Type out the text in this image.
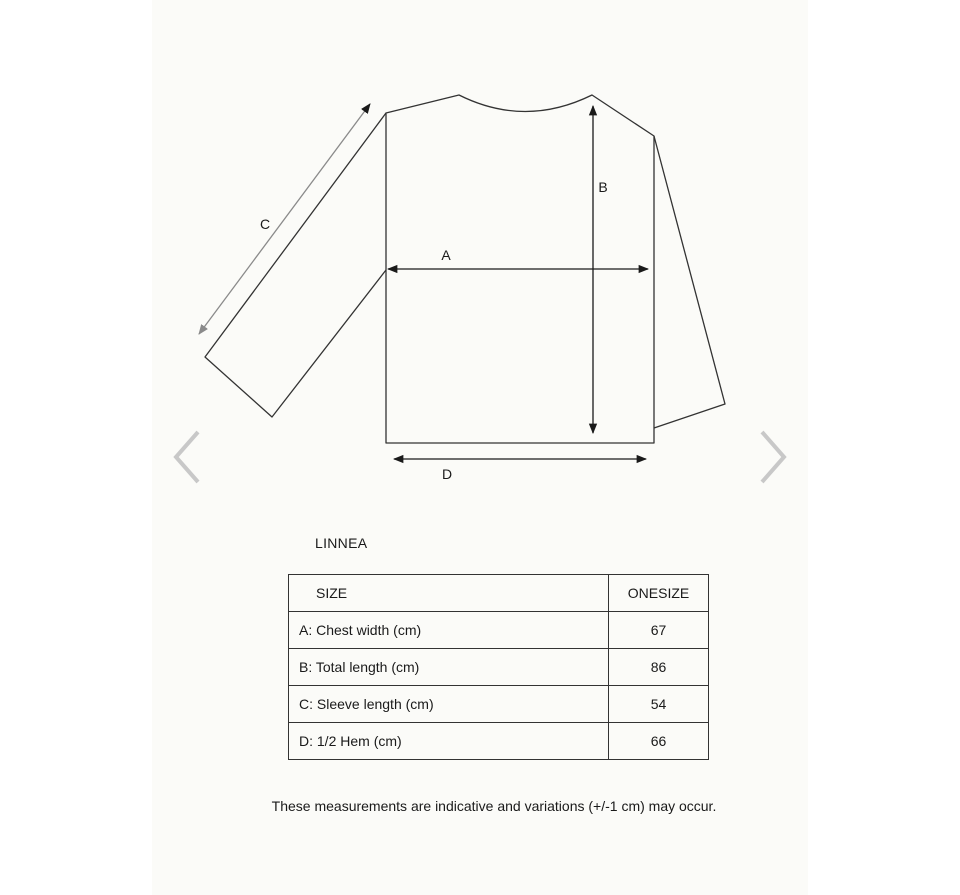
A
B
C
D
LINNEA
SIZE	ONESIZE
A: Chest width (cm)	67
B: Total length (cm)	86
C: Sleeve length (cm)	54
D: 1/2 Hem (cm)	66
These measurements are indicative and variations (+/-1 cm) may occur.
